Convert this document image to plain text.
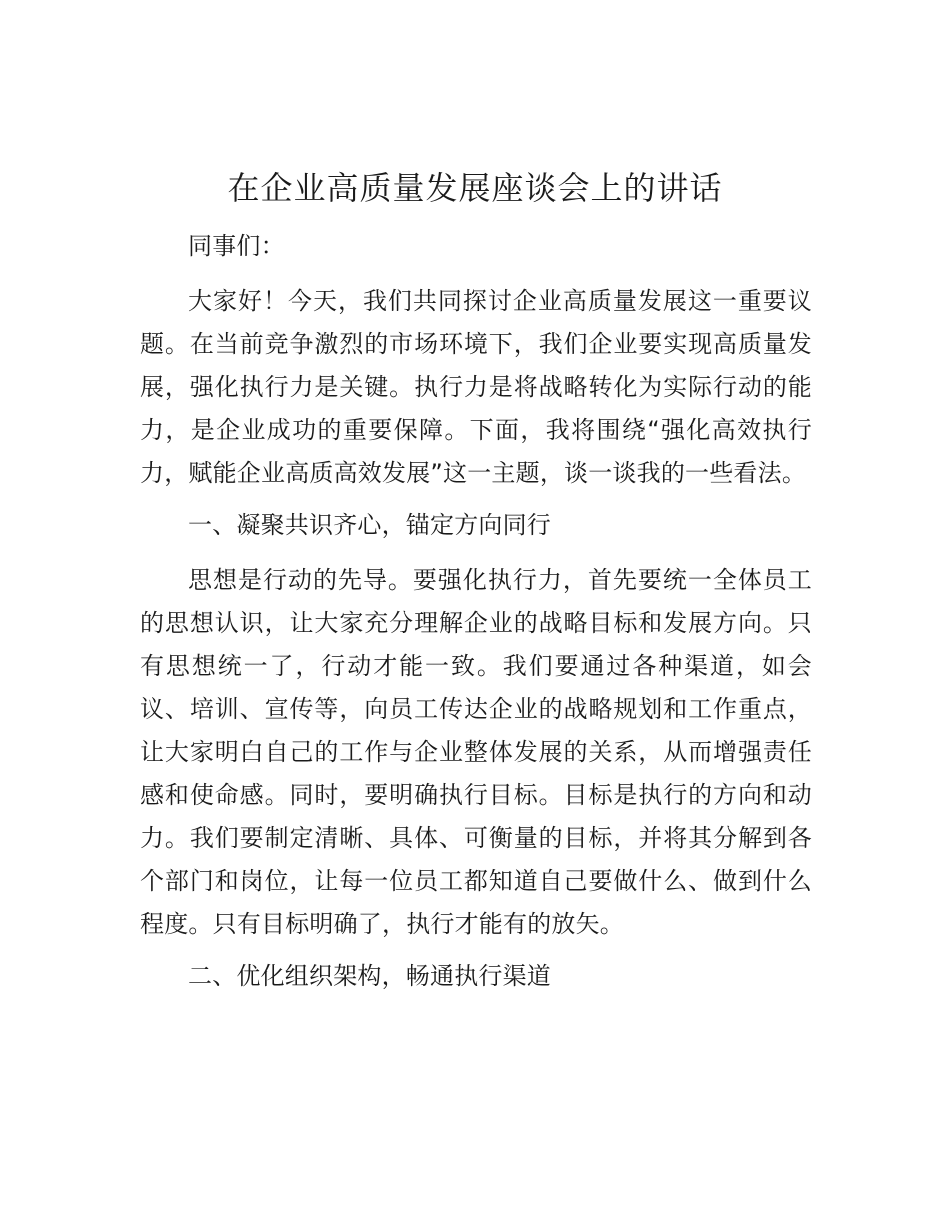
在企业高质量发展座谈会上的讲话

同事们：

大家好！今天，我们共同探讨企业高质量发展这一重要议题。在当前竞争激烈的市场环境下，我们企业要实现高质量发展，强化执行力是关键。执行力是将战略转化为实际行动的能力，是企业成功的重要保障。下面，我将围绕“强化高效执行力，赋能企业高质高效发展”这一主题，谈一谈我的一些看法。

一、凝聚共识齐心，锚定方向同行

思想是行动的先导。要强化执行力，首先要统一全体员工的思想认识，让大家充分理解企业的战略目标和发展方向。只有思想统一了，行动才能一致。我们要通过各种渠道，如会议、培训、宣传等，向员工传达企业的战略规划和工作重点，让大家明白自己的工作与企业整体发展的关系，从而增强责任感和使命感。同时，要明确执行目标。目标是执行的方向和动力。我们要制定清晰、具体、可衡量的目标，并将其分解到各个部门和岗位，让每一位员工都知道自己要做什么、做到什么程度。只有目标明确了，执行才能有的放矢。

二、优化组织架构，畅通执行渠道
